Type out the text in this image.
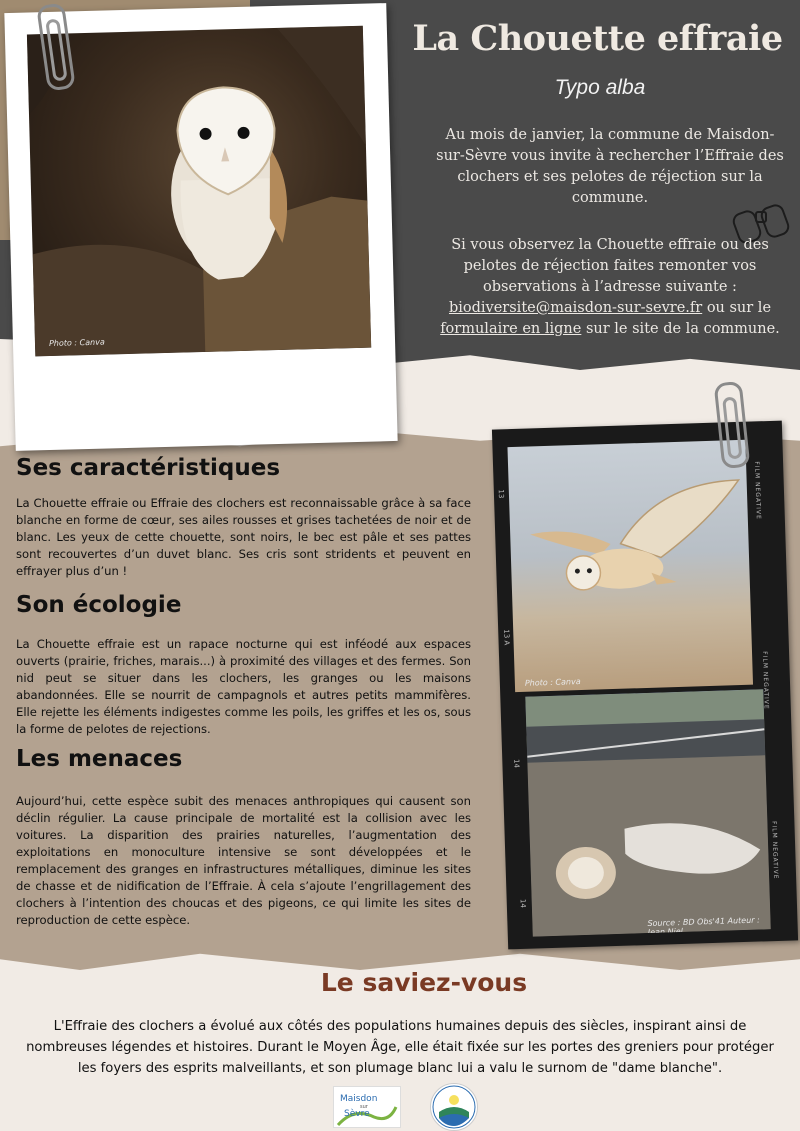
Photo : Canva
La Chouette effraie
Typo alba
Au mois de janvier, la commune de Maisdon-sur-Sèvre vous invite à rechercher l’Effraie des clochers et ses pelotes de réjection sur la commune.
Si vous observez la Chouette effraie ou des pelotes de réjection faites remonter vos observations à l’adresse suivante : biodiversite@maisdon-sur-sevre.fr ou sur le formulaire en ligne sur le site de la commune.
Photo : Canva
Source : BD Obs'41 Auteur : Jean Niel
FILM NEGATIVE
FILM NEGATIVE
FILM NEGATIVE
13
13 A
14
14
Ses caractéristiques
La Chouette effraie ou Effraie des clochers est reconnaissable grâce à sa face blanche en forme de cœur, ses ailes rousses et grises tachetées de noir et de blanc. Les yeux de cette chouette, sont noirs, le bec est pâle et ses pattes sont recouvertes d’un duvet blanc. Ses cris sont stridents et peuvent en effrayer plus d’un !
Son écologie
La Chouette effraie est un rapace nocturne qui est inféodé aux espaces ouverts (prairie, friches, marais...) à proximité des villages et des fermes. Son nid peut se situer dans les clochers, les granges ou les maisons abandonnées. Elle se nourrit de campagnols et autres petits mammifères. Elle rejette les éléments indigestes comme les poils, les griffes et les os, sous la forme de pelotes de rejections.
Les menaces
Aujourd’hui, cette espèce subit des menaces anthropiques qui causent son déclin régulier. La cause principale de mortalité est la collision avec les voitures. La disparition des prairies naturelles, l’augmentation des exploitations en monoculture intensive se sont développées et le remplacement des granges en infrastructures métalliques, diminue les sites de chasse et de nidification de l’Effraie. À cela s’ajoute l’engrillagement des clochers à l’intention des choucas et des pigeons, ce qui limite les sites de reproduction de cette espèce.
Le saviez-vous
L'Effraie des clochers a évolué aux côtés des populations humaines depuis des siècles, inspirant ainsi de nombreuses légendes et histoires. Durant le Moyen Âge, elle était fixée sur les portes des greniers pour protéger les foyers des esprits malveillants, et son plumage blanc lui a valu le surnom de "dame blanche".
Maisdon
sur
Sèvre
